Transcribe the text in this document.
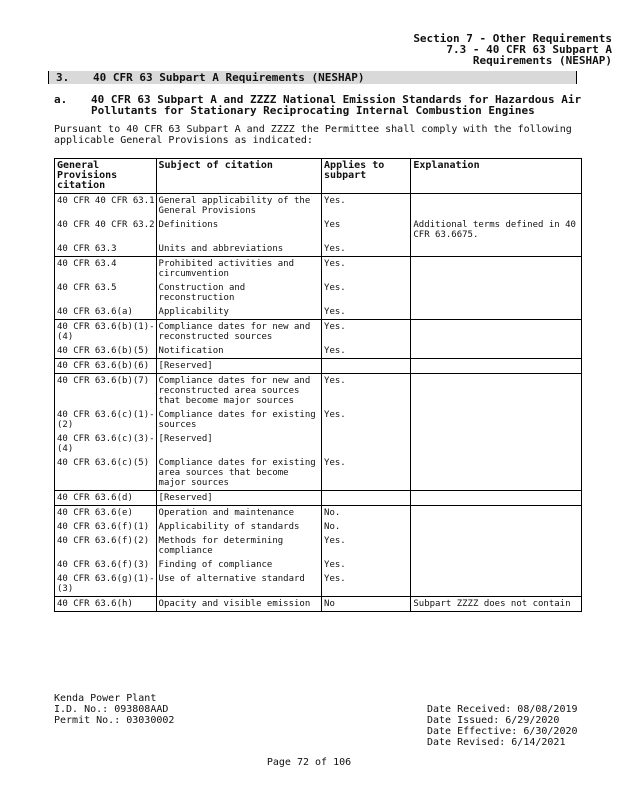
Section 7 - Other Requirements
7.3 - 40 CFR 63 Subpart A
Requirements (NESHAP)
3. 40 CFR 63 Subpart A Requirements (NESHAP)
a. 40 CFR 63 Subpart A and ZZZZ National Emission Standards for Hazardous Air Pollutants for Stationary Reciprocating Internal Combustion Engines
Pursuant to 40 CFR 63 Subpart A and ZZZZ the Permittee shall comply with the following applicable General Provisions as indicated:
General Provisions citation	Subject of citation	Applies to subpart	Explanation
40 CFR 40 CFR 63.1	General applicability of the General Provisions	Yes.	
40 CFR 40 CFR 63.2	Definitions	Yes	Additional terms defined in 40 CFR 63.6675.
40 CFR 63.3	Units and abbreviations	Yes.	
40 CFR 63.4	Prohibited activities and circumvention	Yes.	
40 CFR 63.5	Construction and reconstruction	Yes.	
40 CFR 63.6(a)	Applicability	Yes.	
40 CFR 63.6(b)(1)-(4)	Compliance dates for new and reconstructed sources	Yes.	
40 CFR 63.6(b)(5)	Notification	Yes.	
40 CFR 63.6(b)(6)	[Reserved]		
40 CFR 63.6(b)(7)	Compliance dates for new and reconstructed area sources that become major sources	Yes.	
40 CFR 63.6(c)(1)-(2)	Compliance dates for existing sources	Yes.	
40 CFR 63.6(c)(3)-(4)	[Reserved]		
40 CFR 63.6(c)(5)	Compliance dates for existing area sources that become major sources	Yes.	
40 CFR 63.6(d)	[Reserved]		
40 CFR 63.6(e)	Operation and maintenance	No.	
40 CFR 63.6(f)(1)	Applicability of standards	No.	
40 CFR 63.6(f)(2)	Methods for determining compliance	Yes.	
40 CFR 63.6(f)(3)	Finding of compliance	Yes.	
40 CFR 63.6(g)(1)-(3)	Use of alternative standard	Yes.	
40 CFR 63.6(h)	Opacity and visible emission	No	Subpart ZZZZ does not contain
Kenda Power Plant
I.D. No.: 093808AAD
Permit No.: 03030002
Date Received: 08/08/2019
Date Issued: 6/29/2020
Date Effective: 6/30/2020
Date Revised: 6/14/2021
Page 72 of 106
